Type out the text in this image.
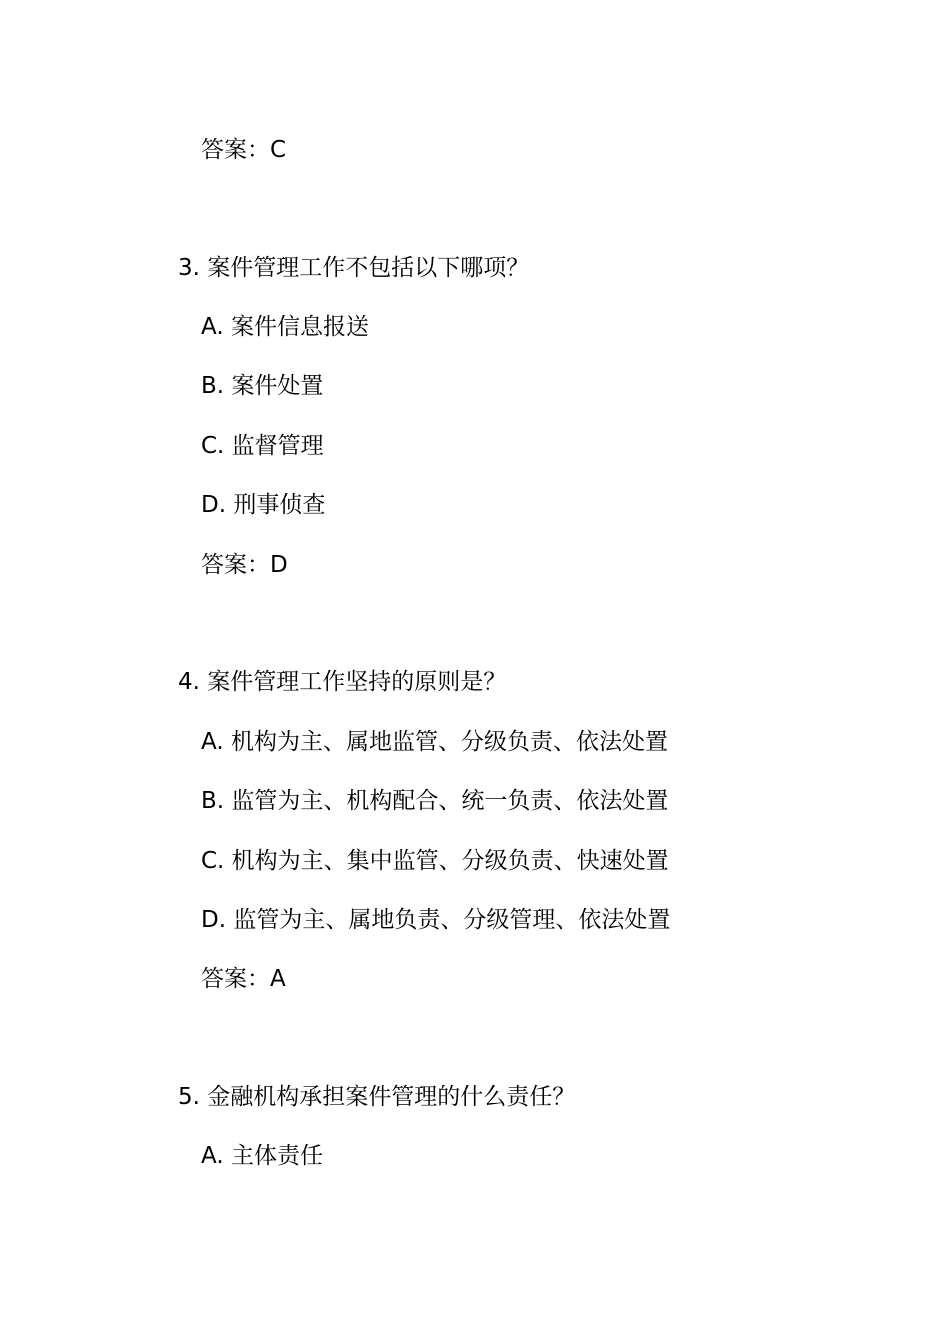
答案：C
3. 案件管理工作不包括以下哪项？
A. 案件信息报送
B. 案件处置
C. 监督管理
D. 刑事侦查
答案：D
4. 案件管理工作坚持的原则是？
A. 机构为主、属地监管、分级负责、依法处置
B. 监管为主、机构配合、统一负责、依法处置
C. 机构为主、集中监管、分级负责、快速处置
D. 监管为主、属地负责、分级管理、依法处置
答案：A
5. 金融机构承担案件管理的什么责任？
A. 主体责任
